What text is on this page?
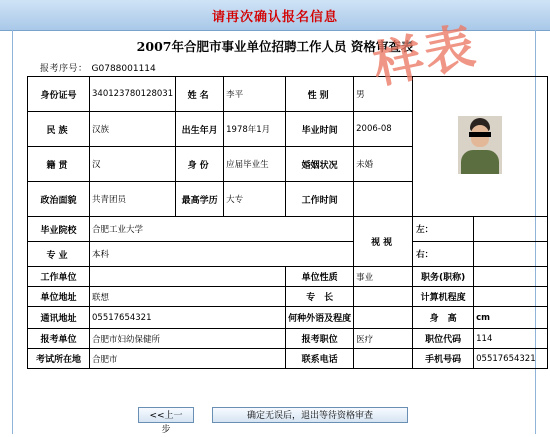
请再次确认报名信息
2007年合肥市事业单位招聘工作人员 资格审查表
报考序号： G0788001114
身份证号	340123780128031	姓名	李平	性别	男		

民族	汉族	出生年月	1978年1月	毕业时间	2006-08		
籍贯	汉	身份	应届毕业生	婚姻状况	未婚		
政治面貌	共青团员	最高学历	大专	工作时间			
毕业院校	合肥工业大学				视视	左：	
专业	本科					右：	
工作单位				单位性质	事业	职务(职称)	
单位地址	联想			专　长		计算机程度	
通讯地址	05517654321			何种外语及程度		身　高	cm
报考单位	合肥市妇幼保健所			报考职位	医疗	职位代码	114
考试所在地	合肥市			联系电话		手机号码	05517654321
样表
<<上一步
确定无误后，退出等待资格审查
